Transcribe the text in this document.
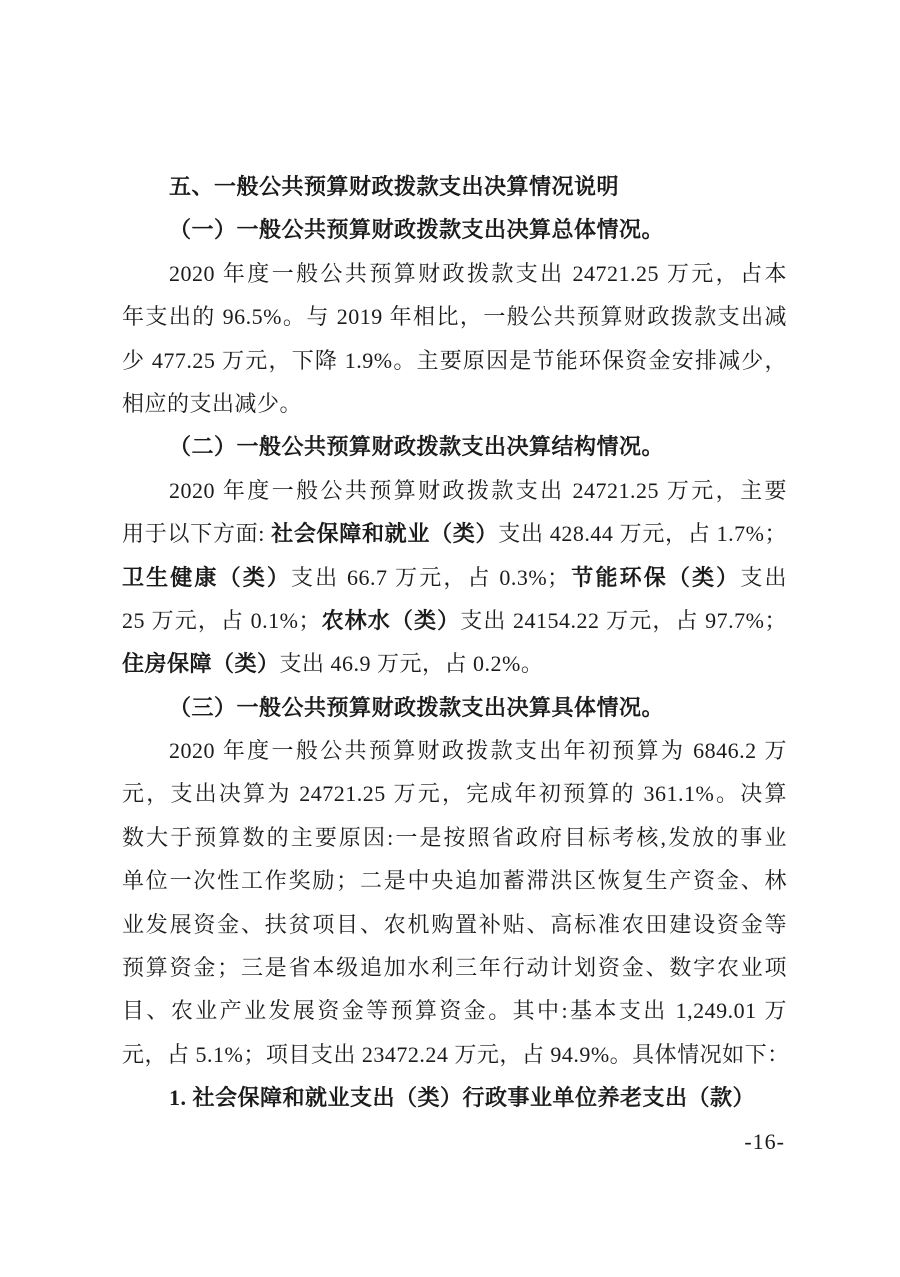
五、一般公共预算财政拨款支出决算情况说明
（一）一般公共预算财政拨款支出决算总体情况。
2020 年度一般公共预算财政拨款支出 24721.25 万元，占本
年支出的 96.5%。与 2019 年相比，一般公共预算财政拨款支出减
少 477.25 万元，下降 1.9%。主要原因是节能环保资金安排减少，
相应的支出减少。
（二）一般公共预算财政拨款支出决算结构情况。
2020 年度一般公共预算财政拨款支出 24721.25 万元，主要
用于以下方面: 社会保障和就业（类）支出 428.44 万元，占 1.7%；
卫生健康（类）支出 66.7 万元，占 0.3%；节能环保（类）支出
25 万元，占 0.1%；农林水（类）支出 24154.22 万元，占 97.7%；
住房保障（类）支出 46.9 万元，占 0.2%。
（三）一般公共预算财政拨款支出决算具体情况。
2020 年度一般公共预算财政拨款支出年初预算为 6846.2 万
元，支出决算为 24721.25 万元，完成年初预算的 361.1%。决算
数大于预算数的主要原因:一是按照省政府目标考核,发放的事业
单位一次性工作奖励；二是中央追加蓄滞洪区恢复生产资金、林
业发展资金、扶贫项目、农机购置补贴、高标准农田建设资金等
预算资金；三是省本级追加水利三年行动计划资金、数字农业项
目、农业产业发展资金等预算资金。其中:基本支出 1,249.01 万
元，占 5.1%；项目支出 23472.24 万元，占 94.9%。具体情况如下：
1. 社会保障和就业支出（类）行政事业单位养老支出（款）
-16-
